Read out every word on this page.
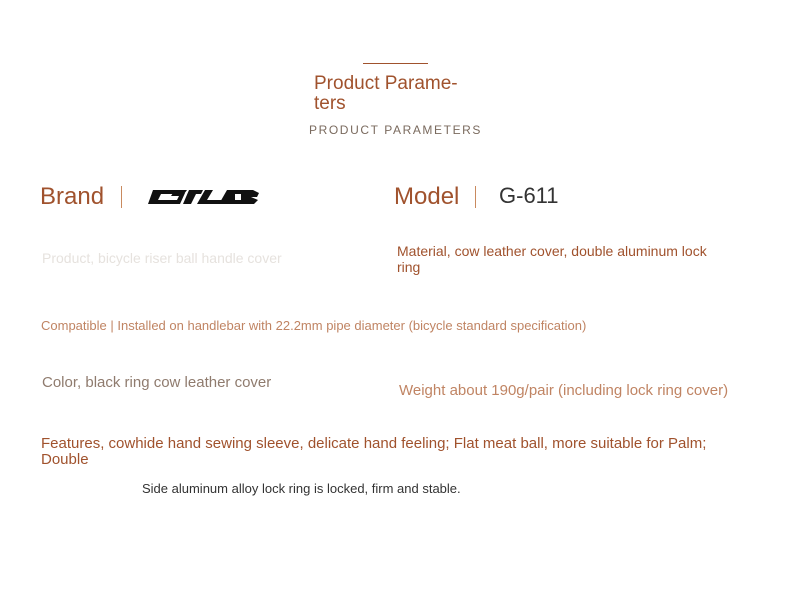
Product Parame-
ters
PRODUCT PARAMETERS
Brand	Model G-611
Product, bicycle riser ball handle cover	Material, cow leather cover, double aluminum lock ring
Compatible | Installed on handlebar with 22.2mm pipe diameter (bicycle standard specification)
Color, black ring cow leather cover	Weight about 190g/pair (including lock ring cover)
Features, cowhide hand sewing sleeve, delicate hand feeling; Flat meat ball, more suitable for Palm; Double
Side aluminum alloy lock ring is locked, firm and stable.
